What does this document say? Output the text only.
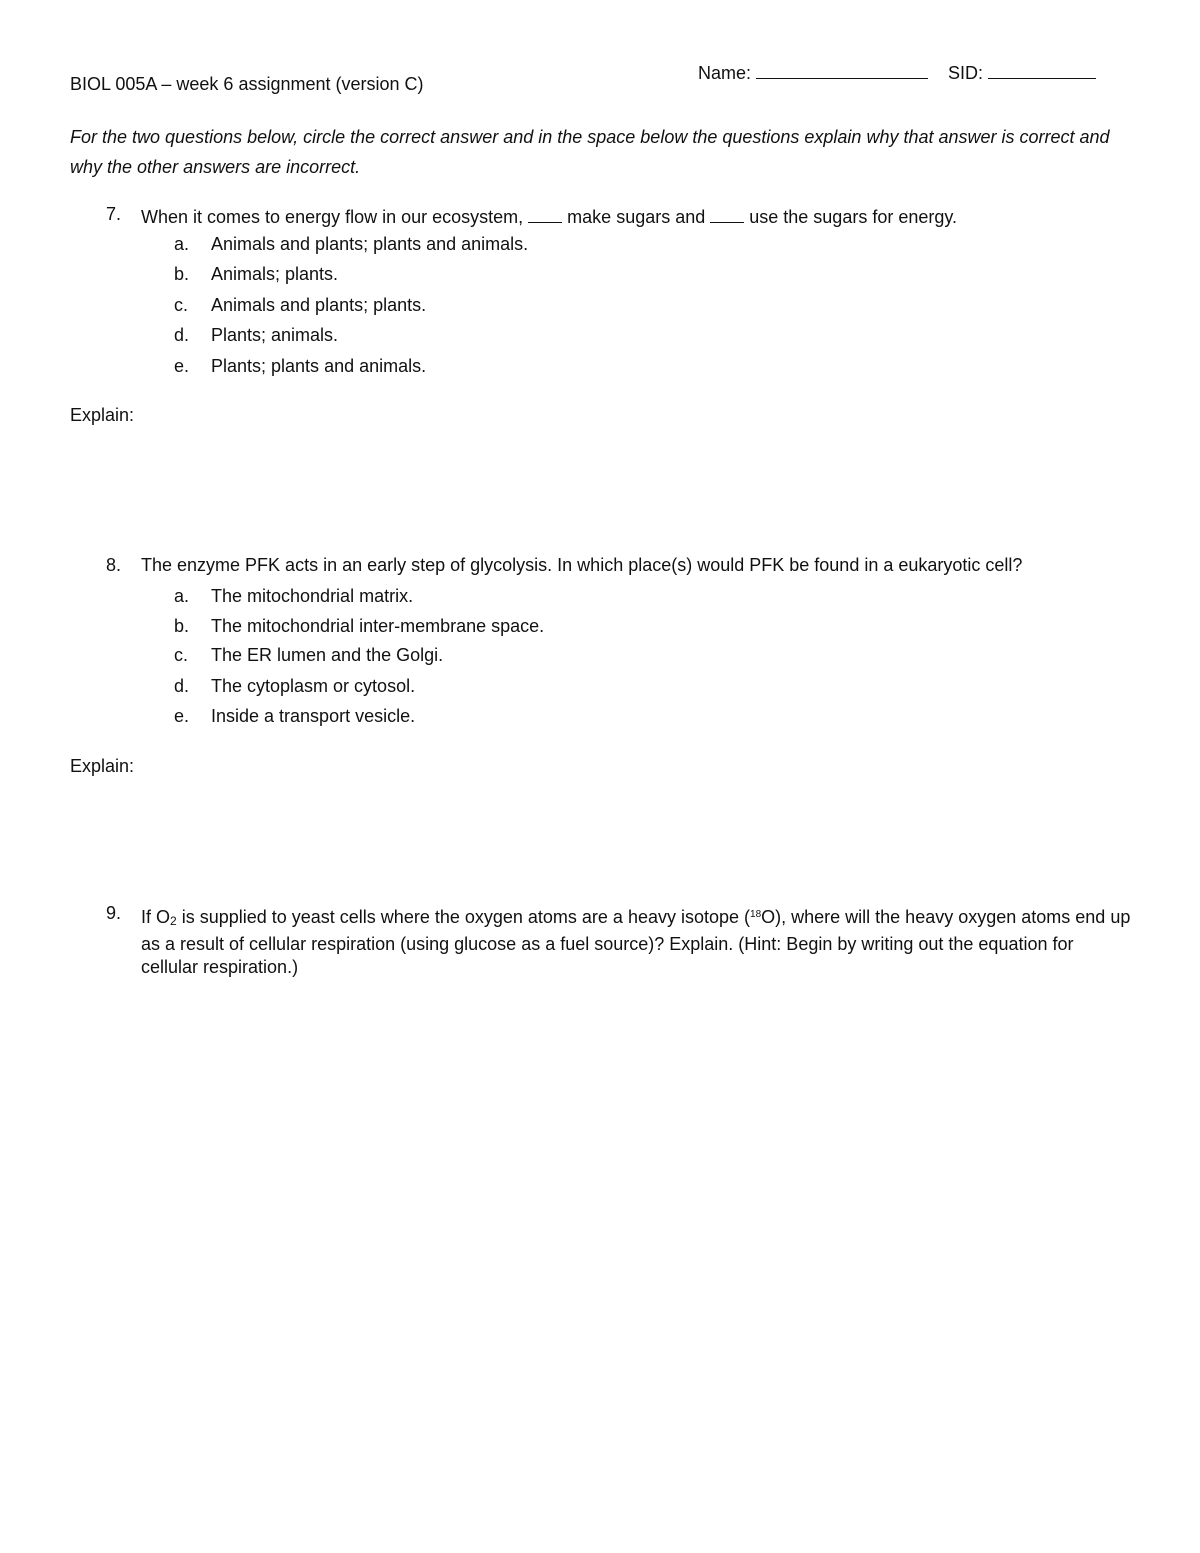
BIOL 005A – week 6 assignment (version C)
Name:	SID:
For the two questions below, circle the correct answer and in the space below the questions explain why that answer is correct and why the other answers are incorrect.
7. When it comes to energy flow in our ecosystem,  make sugars and  use the sugars for energy.
a. Animals and plants; plants and animals.
b. Animals; plants.
c. Animals and plants; plants.
d. Plants; animals.
e. Plants; plants and animals.
Explain:
8. The enzyme PFK acts in an early step of glycolysis. In which place(s) would PFK be found in a eukaryotic cell?
a. The mitochondrial matrix.
b. The mitochondrial inter-membrane space.
c. The ER lumen and the Golgi.
d. The cytoplasm or cytosol.
e. Inside a transport vesicle.
Explain:
9. If $O_2$ is supplied to yeast cells where the oxygen atoms are a heavy isotope ($^{18}$O), where will the heavy oxygen atoms end up as a result of cellular respiration (using glucose as a fuel source)? Explain. (Hint: Begin by writing out the equation for cellular respiration.)
